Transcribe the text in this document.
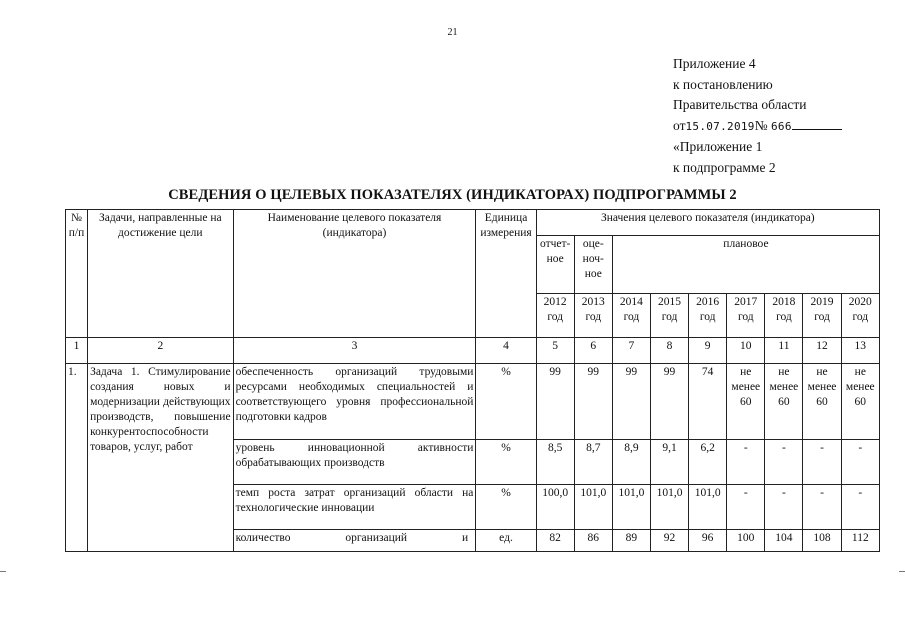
21
Приложение 4
к постановлению
Правительства области
от15.07.2019№ 666
«Приложение 1
к подпрограмме 2
СВЕДЕНИЯ О ЦЕЛЕВЫХ ПОКАЗАТЕЛЯХ (ИНДИКАТОРАХ) ПОДПРОГРАММЫ 2
№ п/п	Задачи, направленные на достижение цели	Наименование целевого показателя (индикатора)	Единица измерения	Значения целевого показателя (индикатора)								
				отчет-ное	оце-ноч-ное	плановое						
				2012 год	2013 год	2014 год	2015 год	2016 год	2017 год	2018 год	2019 год	2020 год

1	2	3	4	5	6	7	8	9	10	11	12	13
1.	Задача 1. Стимулирование создания новых и модернизации действующих производств, повышение конкурентоспособности товаров, услуг, работ	обеспеченность организаций трудовыми ресурсами необходимых специальностей и соответствующего уровня профессиональной подготовки кадров	%	99	99	99	99	74	не менее 60	не менее 60	не менее 60	не менее 60
		уровень инновационной активности обрабатывающих производств	%	8,5	8,7	8,9	9,1	6,2	-	-	-	-
		темп роста затрат организаций области на технологические инновации	%	100,0	101,0	101,0	101,0	101,0	-	-	-	-
		количество организаций и	ед.	82	86	89	92	96	100	104	108	112
